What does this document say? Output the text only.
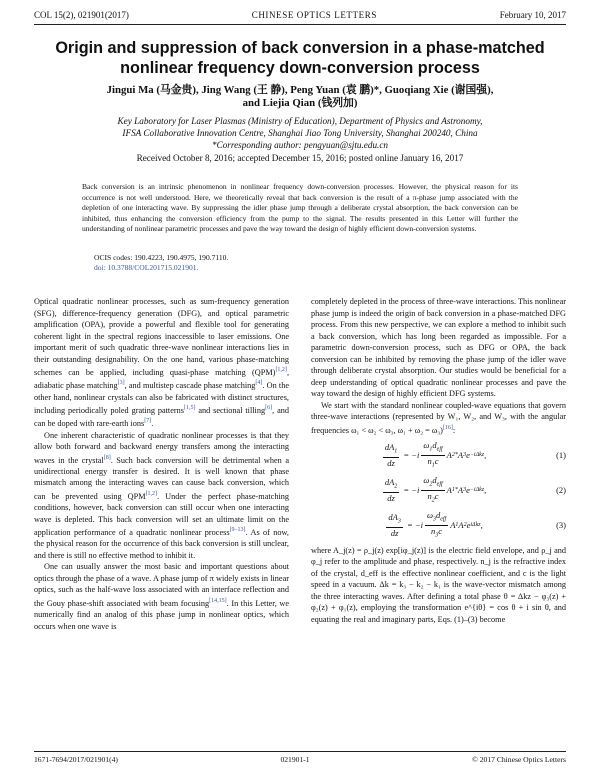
COL 15(2), 021901(2017)	CHINESE OPTICS LETTERS	February 10, 2017
Origin and suppression of back conversion in a phase-matched nonlinear frequency down-conversion process
Jingui Ma (马金贵), Jing Wang (王 静), Peng Yuan (袁 鹏)*, Guoqiang Xie (谢国强),
and Liejia Qian (钱列加)
Key Laboratory for Laser Plasmas (Ministry of Education), Department of Physics and Astronomy,
IFSA Collaborative Innovation Centre, Shanghai Jiao Tong University, Shanghai 200240, China
*Corresponding author: pengyuan@sjtu.edu.cn
Received October 8, 2016; accepted December 15, 2016; posted online January 16, 2017
Back conversion is an intrinsic phenomenon in nonlinear frequency down-conversion processes. However, the physical reason for its occurrence is not well understood. Here, we theoretically reveal that back conversion is the result of a π-phase jump associated with the depletion of one interacting wave. By suppressing the idler phase jump through a deliberate crystal absorption, the back conversion can be inhibited, thus enhancing the conversion efficiency from the pump to the signal. The results presented in this Letter will further the understanding of nonlinear parametric processes and pave the way toward the design of highly efficient down-conversion systems.
OCIS codes: 190.4223, 190.4975, 190.7110.
doi: 10.3788/COL201715.021901.

Optical quadratic nonlinear processes, such as sum-frequency generation (SFG), difference-frequency generation (DFG), and optical parametric amplification (OPA), provide a powerful and flexible tool for generating coherent light in the spectral regions inaccessible to laser emissions. One important merit of such quadratic three-wave nonlinear interactions lies in their outstanding designability. On the one hand, various phase-matching schemes can be applied, including quasi-phase matching (QPM)[1,2], adiabatic phase matching[3], and multistep cascade phase matching[4]. On the other hand, nonlinear crystals can also be fabricated with distinct structures, including periodically poled grating patterns[1,5] and sectional tilling[6], and can be doped with rare-earth ions[7].

One inherent characteristic of quadratic nonlinear processes is that they allow both forward and backward energy transfers among the interacting waves in the crystal[8]. Such back conversion will be detrimental when a unidirectional energy transfer is desired. It is well known that phase mismatch among the interacting waves can cause back conversion, which can be prevented using QPM[1,2]. Under the perfect phase-matching conditions, however, back conversion can still occur when one interacting wave is depleted. This back conversion will set an ultimate limit on the application performance of a quadratic nonlinear process[9–13]. As of now, the physical reason for the occurrence of this back conversion is still unclear, and there is still no effective method to inhibit it.

One can usually answer the most basic and important questions about optics through the phase of a wave. A phase jump of π widely exists in linear optics, such as the half-wave loss associated with an interface reflection and the Gouy phase-shift associated with beam focusing[14,15]. In this Letter, we numerically find an analog of this phase jump in nonlinear optics, which occurs when one wave is

completely depleted in the process of three-wave interactions. This nonlinear phase jump is indeed the origin of back conversion in a phase-matched DFG process. From this new perspective, we can explore a method to inhibit such a back conversion, which has long been regarded as impossible. For a parametric down-conversion process, such as DFG or OPA, the back conversion can be inhibited by removing the phase jump of the idler wave through deliberate crystal absorption. Our studies would be beneficial for a deep understanding of optical quadratic nonlinear processes and pave the way toward the design of highly efficient DFG systems.

We start with the standard nonlinear coupled-wave equations that govern three-wave interactions (represented by W₁, W₂, and W₃, with the angular frequencies ω₁ < ω₂ < ω₃, ω₁ + ω₂ = ω₃)[16]:

$\frac{dA_1}{dz}$ = − i $\frac{\omega_1d_{eff}}{n_1c}$ A 2 * A 3 e −iΔkz ,	(1)
$\frac{dA_2}{dz}$ = − i $\frac{\omega_2d_{eff}}{n_2c}$ A 1 * A 3 e −iΔkz ,	(2)
$\frac{dA_3}{dz}$ = − i $\frac{\omega_3d_{eff}}{n_3c}$ A 1 A 2 e iΔkz ,	(3)

where A_j(z) = ρ_j(z) exp[iφ_j(z)] is the electric field envelope, and ρ_j and φ_j refer to the amplitude and phase, respectively. n_j is the refractive index of the crystal, d_eff is the effective nonlinear coefficient, and c is the light speed in a vacuum. Δk = k₃ − k₂ − k₁ is the wave-vector mismatch among the three interacting waves. After defining a total phase θ = Δkz − φ₃(z) + φ₂(z) + φ₁(z), employing the transformation e^{iθ} = cos θ + i sin θ, and equating the real and imaginary parts, Eqs. (1)–(3) become

1671-7694/2017/021901(4)	021901-1	© 2017 Chinese Optics Letters
